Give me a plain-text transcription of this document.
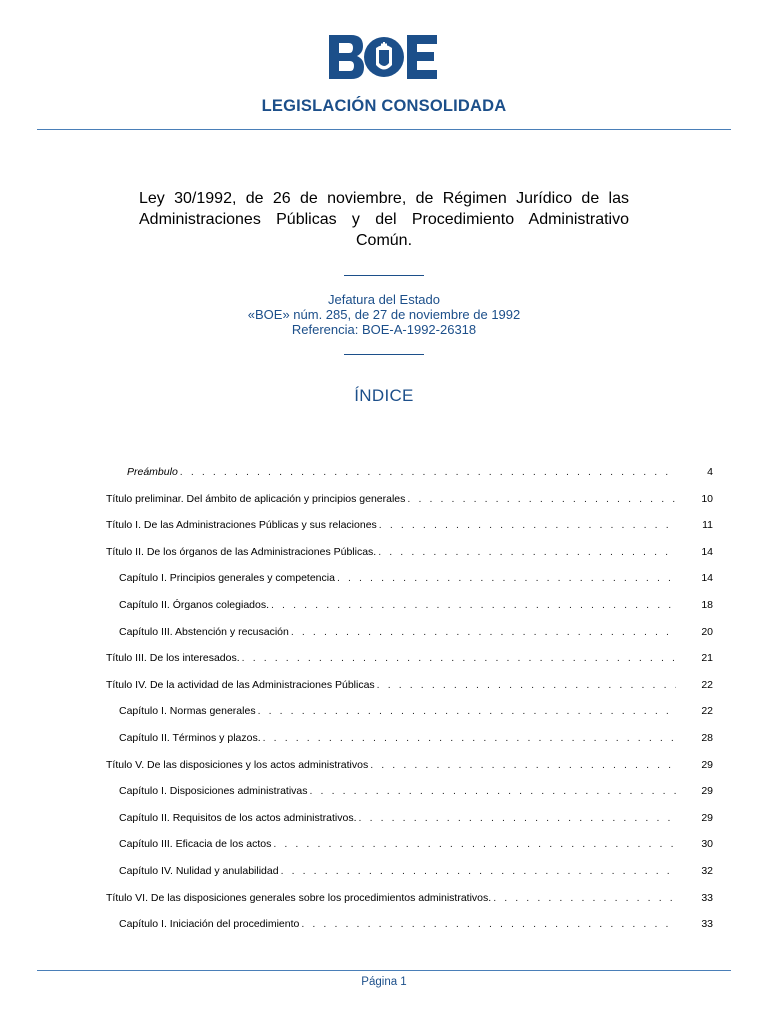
LEGISLACIÓN CONSOLIDADA
Ley 30/1992, de 26 de noviembre, de Régimen Jurídico de las Administraciones Públicas y del Procedimiento Administrativo Común.
Jefatura del Estado
«BOE» núm. 285, de 27 de noviembre de 1992
Referencia: BOE-A-1992-26318
ÍNDICE
Preámbulo . . .	4
Título preliminar. Del ámbito de aplicación y principios generales . . .	10
Título I. De las Administraciones Públicas y sus relaciones . . .	11
Título II. De los órganos de las Administraciones Públicas. . . .	14
Capítulo I. Principios generales y competencia . . .	14
Capítulo II. Órganos colegiados. . . .	18
Capítulo III. Abstención y recusación . . .	20
Título III. De los interesados. . . .	21
Título IV. De la actividad de las Administraciones Públicas . . .	22
Capítulo I. Normas generales . . .	22
Capítulo II. Términos y plazos. . . .	28
Título V. De las disposiciones y los actos administrativos . . .	29
Capítulo I. Disposiciones administrativas . . .	29
Capítulo II. Requisitos de los actos administrativos. . . .	29
Capítulo III. Eficacia de los actos . . .	30
Capítulo IV. Nulidad y anulabilidad . . .	32
Título VI. De las disposiciones generales sobre los procedimientos administrativos. . . .	33
Capítulo I. Iniciación del procedimiento . . .	33
Página 1
